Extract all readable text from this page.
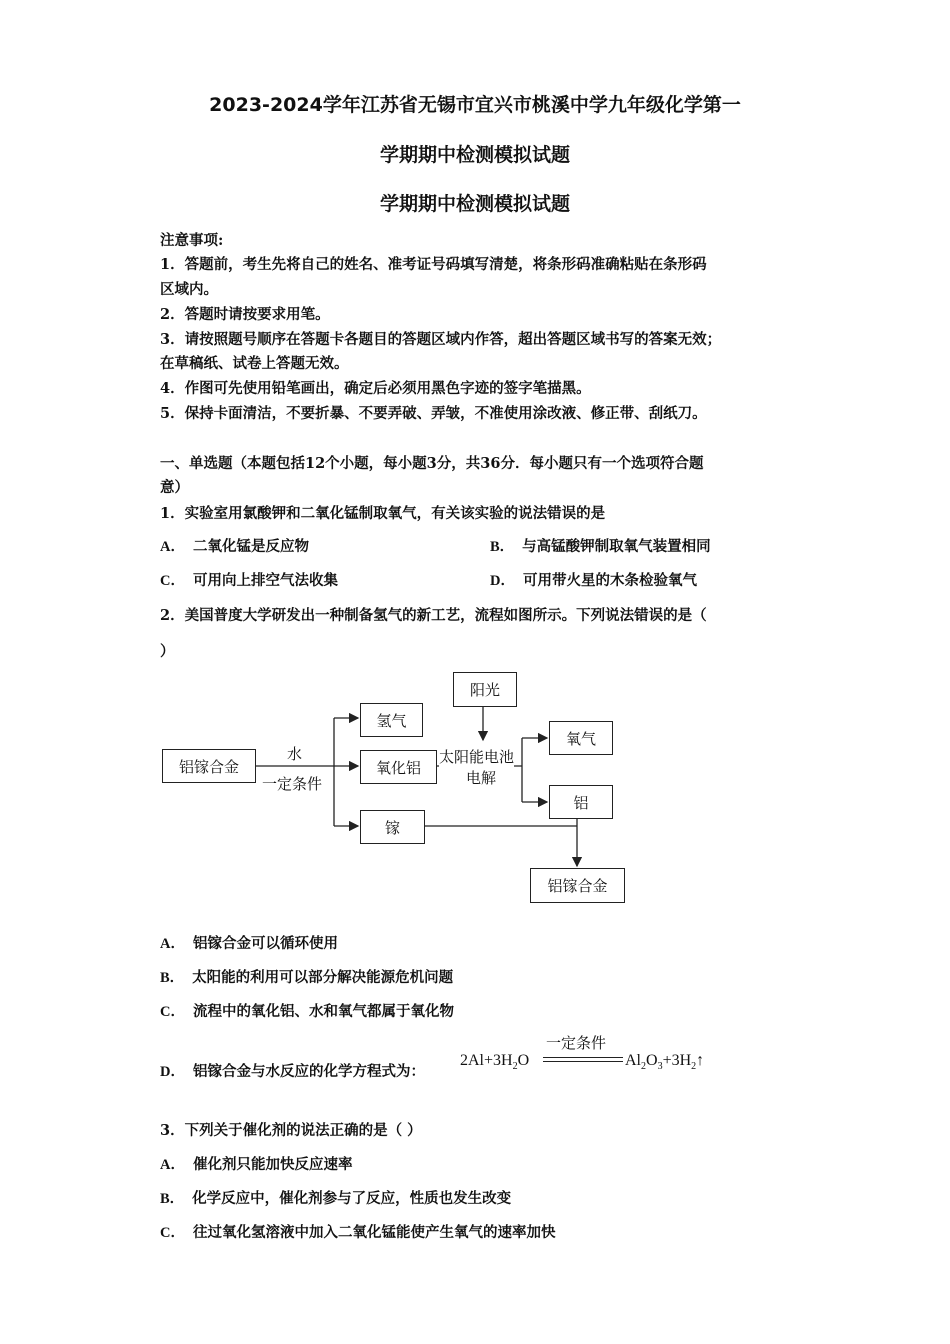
2023-2024学年江苏省无锡市宜兴市桃溪中学九年级化学第一
学期期中检测模拟试题
学期期中检测模拟试题
注意事项:
1．答题前，考生先将自己的姓名、准考证号码填写清楚，将条形码准确粘贴在条形码
区域内。
2．答题时请按要求用笔。
3．请按照题号顺序在答题卡各题目的答题区域内作答，超出答题区域书写的答案无效；
在草稿纸、试卷上答题无效。
4．作图可先使用铅笔画出，确定后必须用黑色字迹的签字笔描黑。
5．保持卡面清洁，不要折暴、不要弄破、弄皱，不准使用涂改液、修正带、刮纸刀。
一、单选题（本题包括12个小题，每小题3分，共36分．每小题只有一个选项符合题
意）
1．实验室用氯酸钾和二氧化锰制取氧气，有关该实验的说法错误的是
A． 二氧化锰是反应物	B． 与高锰酸钾制取氧气装置相同
C． 可用向上排空气法收集	D． 可用带火星的木条检验氧气
2．美国普度大学研发出一种制备氢气的新工艺，流程如图所示。下列说法错误的是（
）
铝镓合金
水
一定条件
氢气
氧化铝
镓
阳光
太阳能电池
电解
氧气
铝
铝镓合金
A． 铝镓合金可以循环使用
B． 太阳能的利用可以部分解决能源危机问题
C． 流程中的氧化铝、水和氧气都属于氧化物
D． 铝镓合金与水反应的化学方程式为：
$2Al+3H_2O$
一定条件
$Al_2O_3+3H_2↑$
3．下列关于催化剂的说法正确的是（ ）
A． 催化剂只能加快反应速率
B． 化学反应中，催化剂参与了反应，性质也发生改变
C． 往过氧化氢溶液中加入二氧化锰能使产生氧气的速率加快
